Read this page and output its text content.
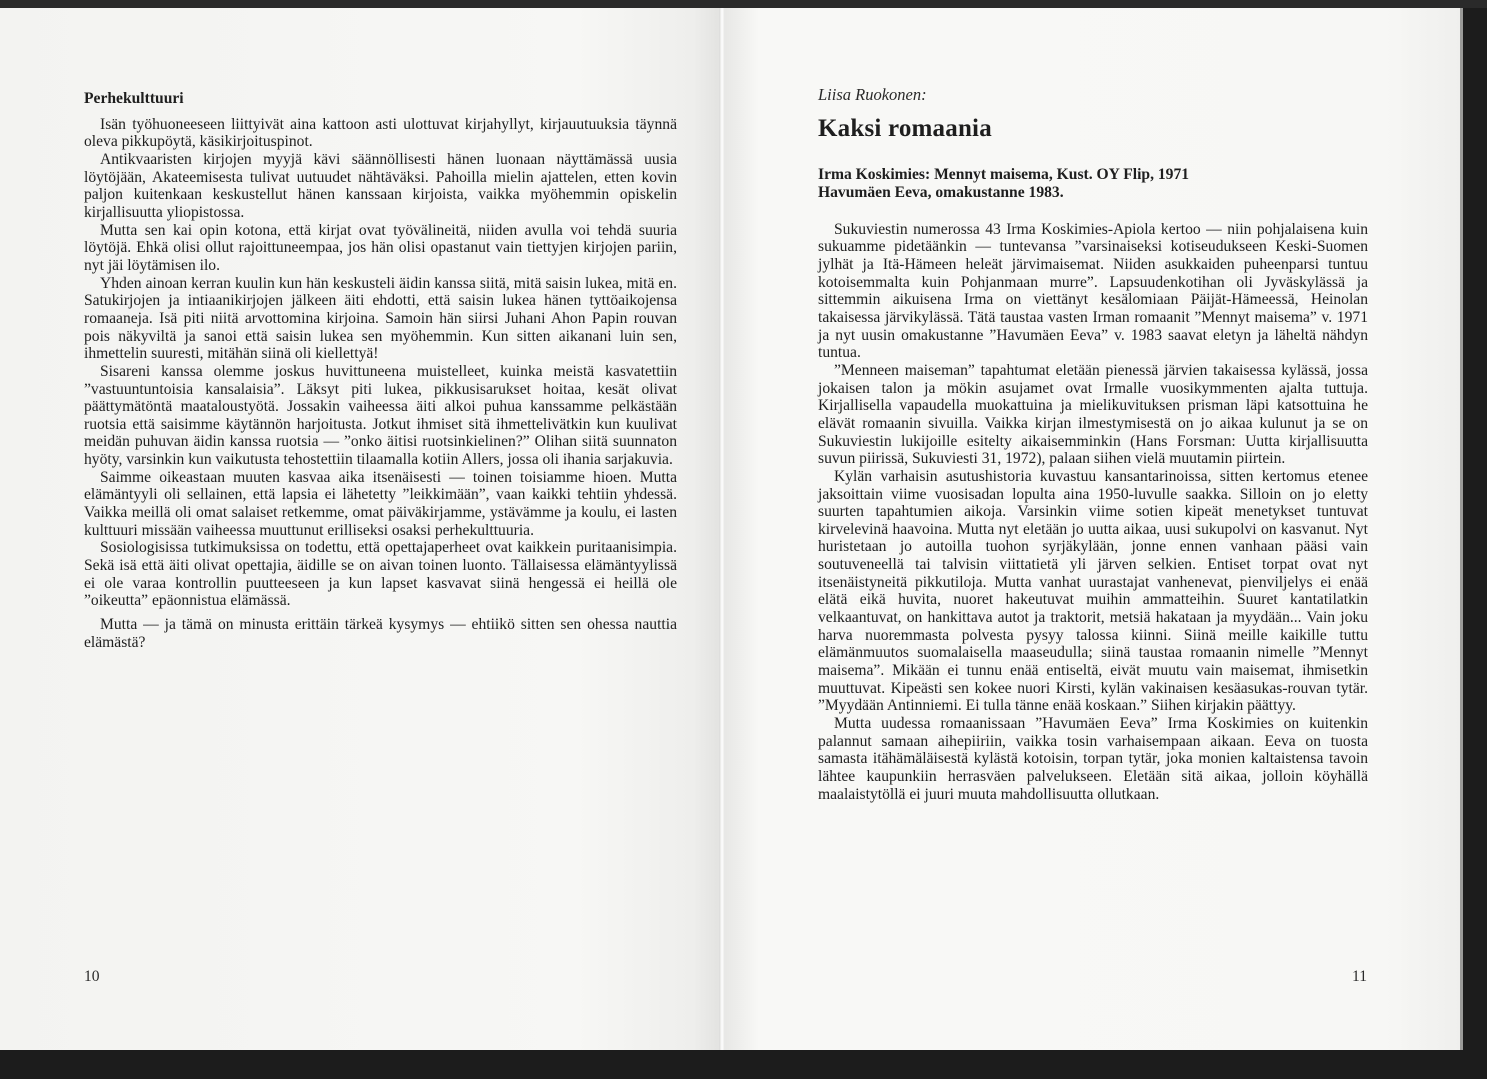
Perhekulttuuri

Isän työhuoneeseen liittyivät aina kattoon asti ulottuvat kirjahyllyt, kirjauutuuksia täynnä oleva pikkupöytä, käsikirjoituspinot.

Antikvaaristen kirjojen myyjä kävi säännöllisesti hänen luonaan näyttämässä uusia löytöjään, Akateemisesta tulivat uutuudet nähtäväksi. Pahoilla mielin ajattelen, etten kovin paljon kuitenkaan keskustellut hänen kanssaan kirjoista, vaikka myöhemmin opiskelin kirjallisuutta yliopistossa.

Mutta sen kai opin kotona, että kirjat ovat työvälineitä, niiden avulla voi tehdä suuria löytöjä. Ehkä olisi ollut rajoittuneempaa, jos hän olisi opastanut vain tiettyjen kirjojen pariin, nyt jäi löytämisen ilo.

Yhden ainoan kerran kuulin kun hän keskusteli äidin kanssa siitä, mitä saisin lukea, mitä en. Satukirjojen ja intiaanikirjojen jälkeen äiti ehdotti, että saisin lukea hänen tyttöaikojensa romaaneja. Isä piti niitä arvottomina kirjoina. Samoin hän siirsi Juhani Ahon Papin rouvan pois näkyviltä ja sanoi että saisin lukea sen myöhemmin. Kun sitten aikanani luin sen, ihmettelin suuresti, mitähän siinä oli kiellettyä!

Sisareni kanssa olemme joskus huvittuneena muistelleet, kuinka meistä kasvatettiin ”vastuuntuntoisia kansalaisia”. Läksyt piti lukea, pikkusisarukset hoitaa, kesät olivat päättymätöntä maataloustyötä. Jossakin vaiheessa äiti alkoi puhua kanssamme pelkästään ruotsia että saisimme käytännön harjoitusta. Jotkut ihmiset sitä ihmettelivätkin kun kuulivat meidän puhuvan äidin kanssa ruotsia — ”onko äitisi ruotsinkielinen?” Olihan siitä suunnaton hyöty, varsinkin kun vaikutusta tehostettiin tilaamalla kotiin Allers, jossa oli ihania sarjakuvia.

Saimme oikeastaan muuten kasvaa aika itsenäisesti — toinen toisiamme hioen. Mutta elämäntyyli oli sellainen, että lapsia ei lähetetty ”leikkimään”, vaan kaikki tehtiin yhdessä. Vaikka meillä oli omat salaiset retkemme, omat päiväkirjamme, ystävämme ja koulu, ei lasten kulttuuri missään vaiheessa muuttunut erilliseksi osaksi perhekulttuuria.

Sosiologisissa tutkimuksissa on todettu, että opettajaperheet ovat kaikkein puritaanisimpia. Sekä isä että äiti olivat opettajia, äidille se on aivan toinen luonto. Tällaisessa elämäntyylissä ei ole varaa kontrollin puutteeseen ja kun lapset kasvavat siinä hengessä ei heillä ole ”oikeutta” epäonnistua elämässä.

Mutta — ja tämä on minusta erittäin tärkeä kysymys — ehtiikö sitten sen ohessa nauttia elämästä?

Liisa Ruokonen:

Kaksi romaania

Irma Koskimies: Mennyt maisema, Kust. OY Flip, 1971

Havumäen Eeva, omakustanne 1983.

Sukuviestin numerossa 43 Irma Koskimies-Apiola kertoo — niin pohjalaisena kuin sukuamme pidetäänkin — tuntevansa ”varsinaiseksi kotiseudukseen Keski-Suomen jylhät ja Itä-Hämeen heleät järvimaisemat. Niiden asukkaiden puheenparsi tuntuu kotoisemmalta kuin Pohjanmaan murre”. Lapsuudenkotihan oli Jyväskylässä ja sittemmin aikuisena Irma on viettänyt kesälomiaan Päijät-Hämeessä, Heinolan takaisessa järvikylässä. Tätä taustaa vasten Irman romaanit ”Mennyt maisema” v. 1971 ja nyt uusin omakustanne ”Havumäen Eeva” v. 1983 saavat eletyn ja läheltä nähdyn tuntua.

”Menneen maiseman” tapahtumat eletään pienessä järvien takaisessa kylässä, jossa jokaisen talon ja mökin asujamet ovat Irmalle vuosikymmenten ajalta tuttuja. Kirjallisella vapaudella muokattuina ja mielikuvituksen prisman läpi katsottuina he elävät romaanin sivuilla. Vaikka kirjan ilmestymisestä on jo aikaa kulunut ja se on Sukuviestin lukijoille esitelty aikaisemminkin (Hans Forsman: Uutta kirjallisuutta suvun piirissä, Sukuviesti 31, 1972), palaan siihen vielä muutamin piirtein.

Kylän varhaisin asutushistoria kuvastuu kansantarinoissa, sitten kertomus etenee jaksoittain viime vuosisadan lopulta aina 1950-luvulle saakka. Silloin on jo eletty suurten tapahtumien aikoja. Varsinkin viime sotien kipeät menetykset tuntuvat kirvelevinä haavoina. Mutta nyt eletään jo uutta aikaa, uusi sukupolvi on kasvanut. Nyt huristetaan jo autoilla tuohon syrjäkylään, jonne ennen vanhaan pääsi vain soutuveneellä tai talvisin viittatietä yli järven selkien. Entiset torpat ovat nyt itsenäistyneitä pikkutiloja. Mutta vanhat uurastajat vanhenevat, pienviljelys ei enää elätä eikä huvita, nuoret hakeutuvat muihin ammatteihin. Suuret kantatilatkin velkaantuvat, on hankittava autot ja traktorit, metsiä hakataan ja myydään... Vain joku harva nuoremmasta polvesta pysyy talossa kiinni. Siinä meille kaikille tuttu elämänmuutos suomalaisella maaseudulla; siinä taustaa romaanin nimelle ”Mennyt maisema”. Mikään ei tunnu enää entiseltä, eivät muutu vain maisemat, ihmisetkin muuttuvat. Kipeästi sen kokee nuori Kirsti, kylän vakinaisen kesäasukas-rouvan tytär. ”Myydään Antinniemi. Ei tulla tänne enää koskaan.” Siihen kirjakin päättyy.

Mutta uudessa romaanissaan ”Havumäen Eeva” Irma Koskimies on kuitenkin palannut samaan aihepiiriin, vaikka tosin varhaisempaan aikaan. Eeva on tuosta samasta itähämäläisestä kylästä kotoisin, torpan tytär, joka monien kaltaistensa tavoin lähtee kaupunkiin herrasväen palvelukseen. Eletään sitä aikaa, jolloin köyhällä maalaistytöllä ei juuri muuta mahdollisuutta ollutkaan.

10	11
